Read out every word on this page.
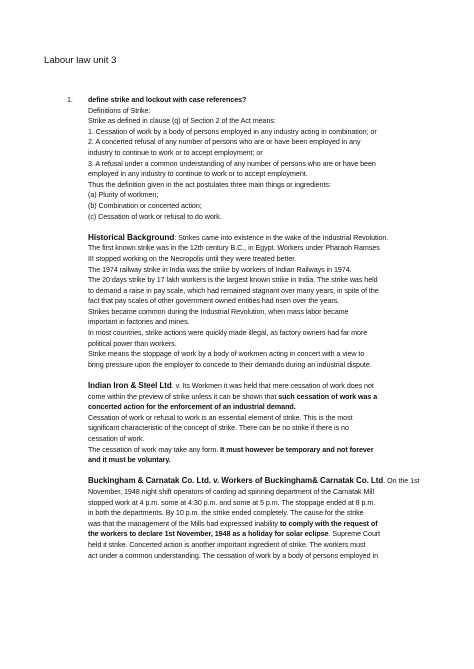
Labour law unit 3
1. define strike and lockout with case references?
Definitions of Strike:
Strike as defined in clause (q) of Section 2 of the Act means:
1. Cessation of work by a body of persons employed in any industry acting in combination; or
2. A concerted refusal of any number of persons who are or have been employed in any
industry to continue to work or to accept employment; or
3. A refusal under a common understanding of any number of persons who are or have been
employed in any industry to continue to work or to accept employment.
Thus the definition given in the act postulates three main things or ingredients:
(a) Plurity of workmen;
(b) Combination or concerted action;
(c) Cessation of work or refusal to do work.
Historical Background: Strikes came into existence in the wake of the Industrial Revolution.
The first known strike was in the 12th century B.C., in Egypt. Workers under Pharaoh Ramses
III stopped working on the Necropolis until they were treated better.
The 1974 railway strike in India was the strike by workers of Indian Railways in 1974.
The 20 days strike by 17 lakh workers is the largest known strike in India. The strike was held
to demand a raise in pay scale, which had remained stagnant over many years, in spite of the
fact that pay scales of other government owned entities had risen over the years.
Strikes became common during the Industrial Revolution, when mass labor became
important in factories and mines.
In most countries, strike actions were quickly made illegal, as factory owners had far more
political power than workers.
Strike means the stoppage of work by a body of workmen acting in concert with a view to
bring pressure upon the employer to concede to their demands during an industrial dispute.
Indian Iron & Steel Ltd. v. Its Workmen it was held that mere cessation of work does not
come within the preview of strike unless it can be shown that such cessation of work was a
concerted action for the enforcement of an industrial demand.
Cessation of work or refusal to work is an essential element of strike. This is the most
significant characteristic of the concept of strike. There can be no strike if there is no
cessation of work.
The cessation of work may take any form. It must however be temporary and not forever
and it must be voluntary.
Buckingham & Carnatak Co. Ltd. v. Workers of Buckingham& Carnatak Co. Ltd. On the 1st
November, 1948 night shift operators of carding ad spinning department of the Carnatak Mill
stopped work at 4 p.m. some at 4:30 p.m. and some at 5 p.m. The stoppage ended at 8 p.m.
in both the departments. By 10 p.m. the strike ended completely. The cause for the strike
was that the management of the Mills had expressed inability to comply with the request of
the workers to declare 1st November, 1948 as a holiday for solar eclipse. Supreme Court
held it strike. Concerted action is another important ingredient of strike. The workers must
act under a common understanding. The cessation of work by a body of persons employed in
